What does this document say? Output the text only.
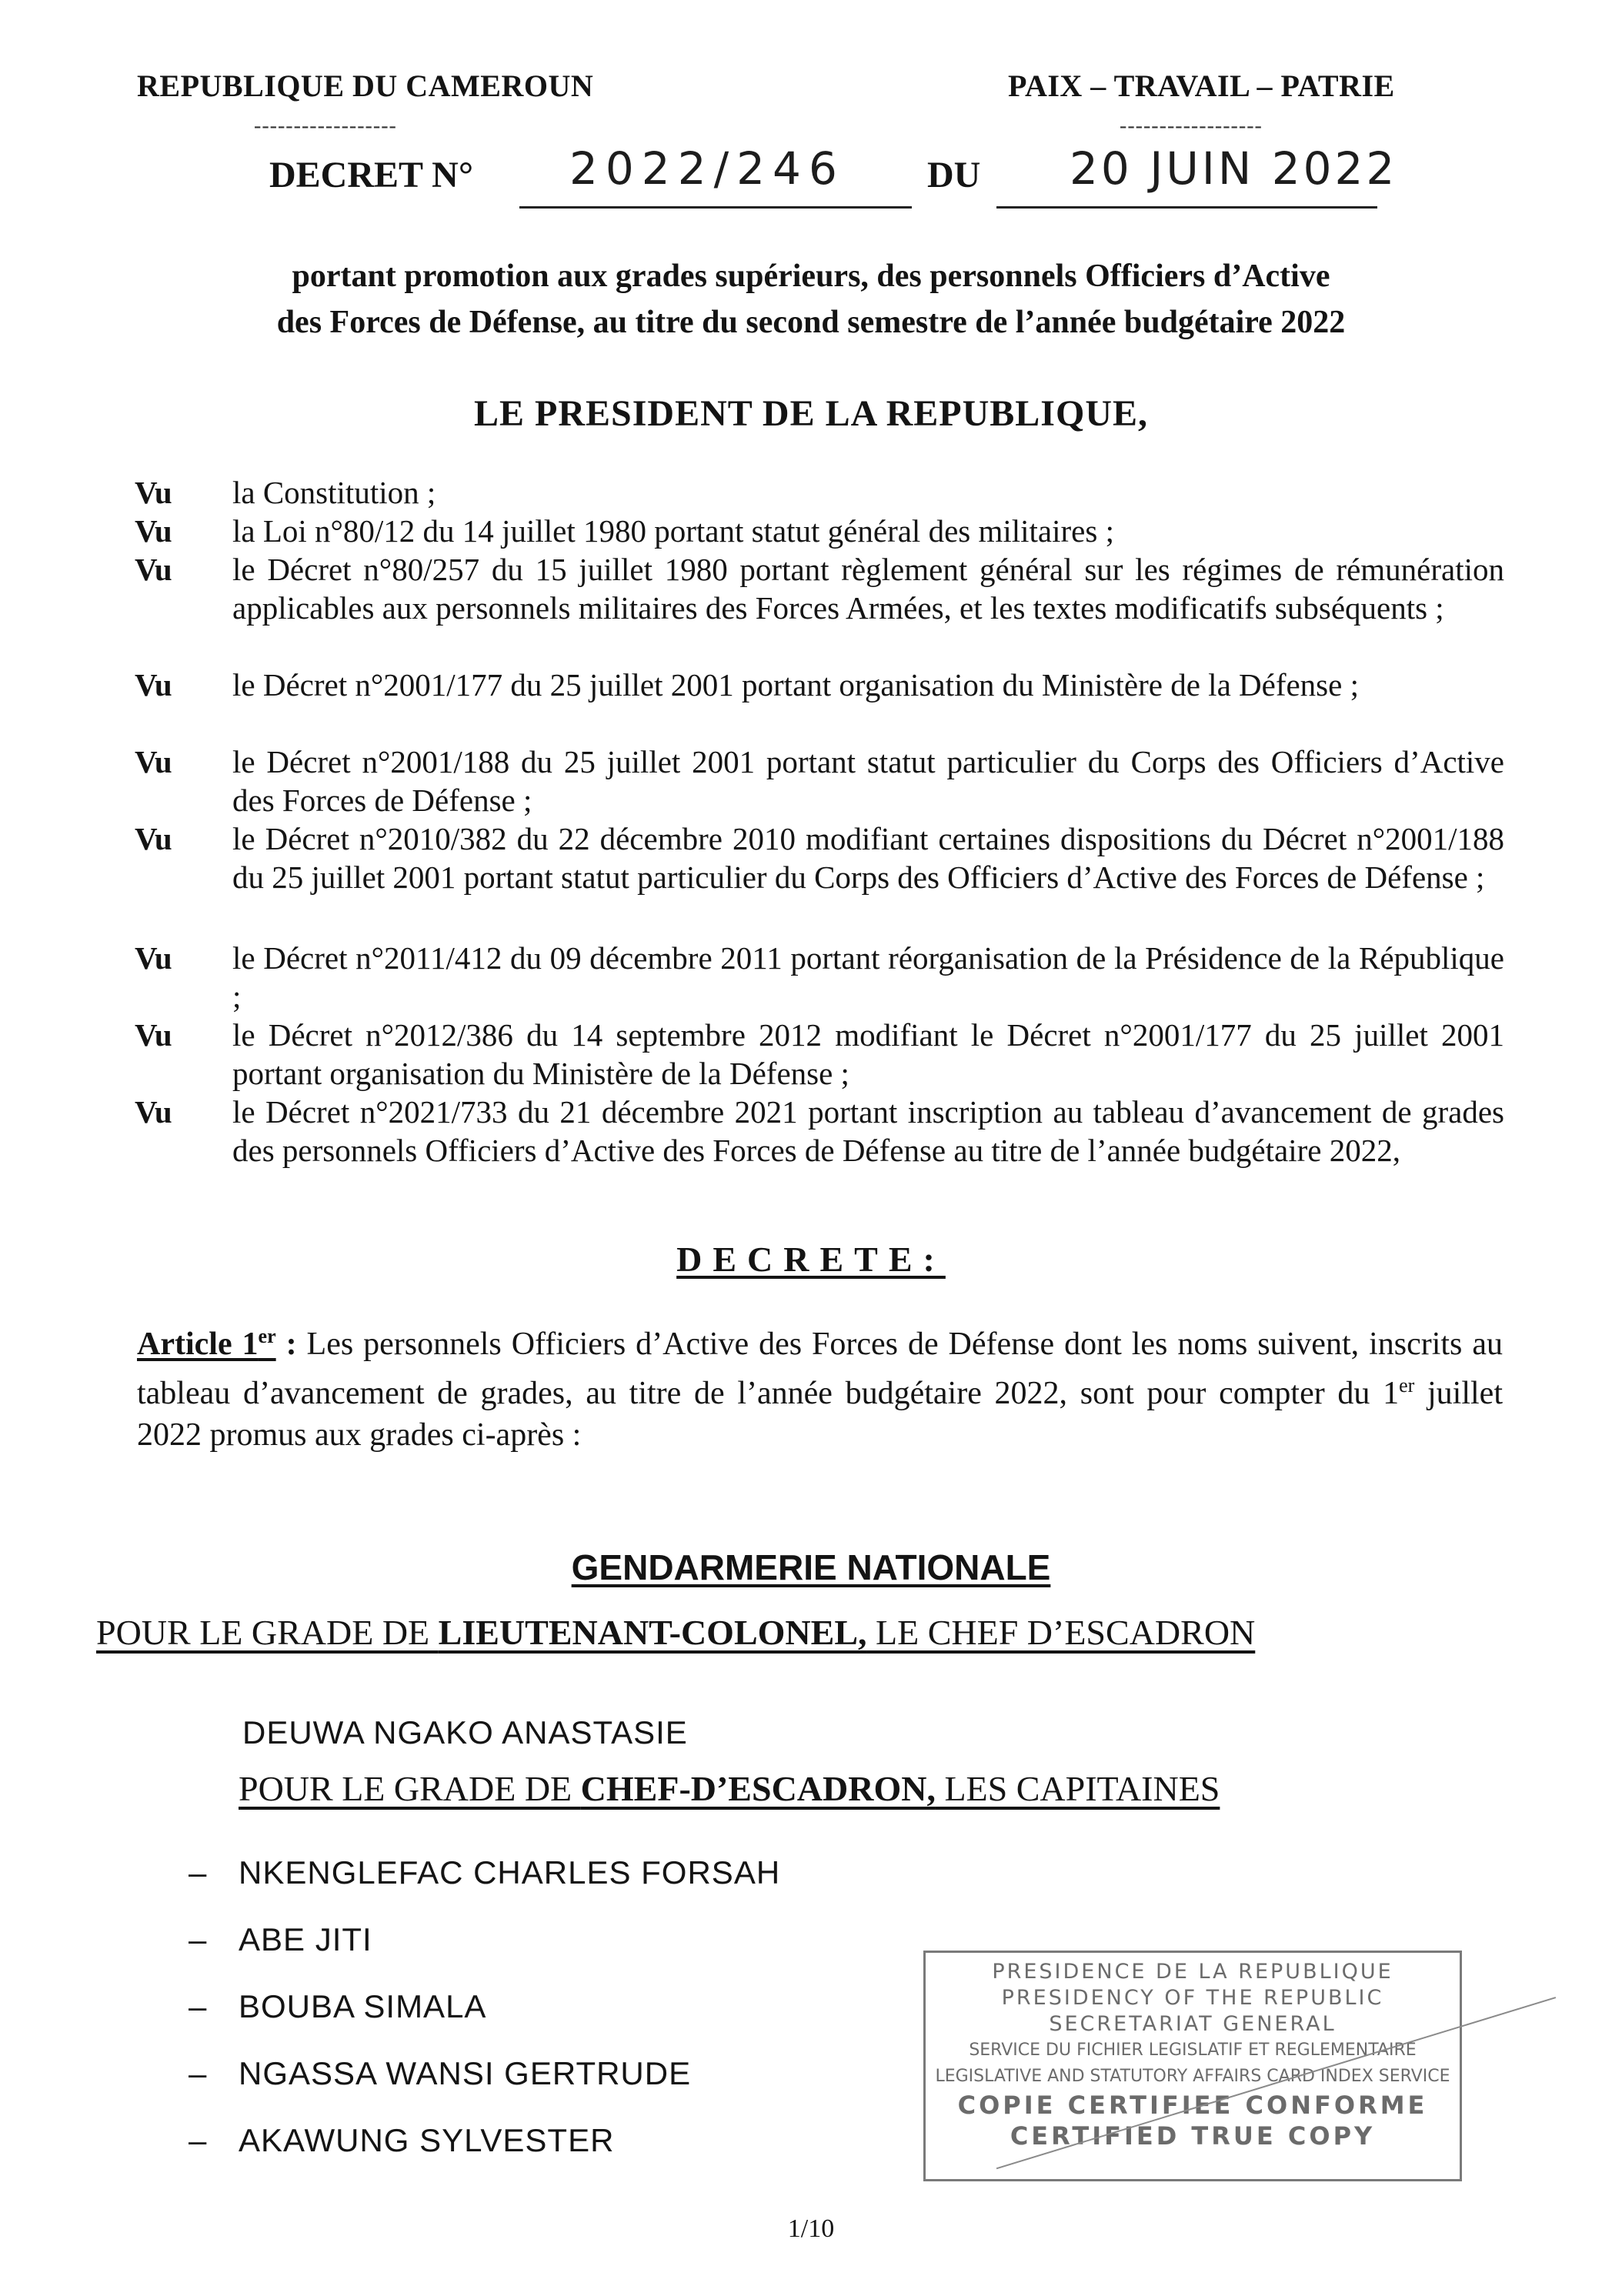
REPUBLIQUE DU CAMEROUN
------------------
PAIX – TRAVAIL – PATRIE
------------------
DECRET N° 2022/246 DU 20 JUIN 2022
portant promotion aux grades supérieurs, des personnels Officiers d’Active
des Forces de Défense, au titre du second semestre de l’année budgétaire 2022
LE PRESIDENT DE LA REPUBLIQUE,
Vu la Constitution ;
Vu la Loi n°80/12 du 14 juillet 1980 portant statut général des militaires ;
Vu le Décret n°80/257 du 15 juillet 1980 portant règlement général sur les régimes de rémunération applicables aux personnels militaires des Forces Armées, et les textes modificatifs subséquents ;
Vu le Décret n°2001/177 du 25 juillet 2001 portant organisation du Ministère de la Défense ;
Vu le Décret n°2001/188 du 25 juillet 2001 portant statut particulier du Corps des Officiers d’Active des Forces de Défense ;
Vu le Décret n°2010/382 du 22 décembre 2010 modifiant certaines dispositions du Décret n°2001/188 du 25 juillet 2001 portant statut particulier du Corps des Officiers d’Active des Forces de Défense ;
Vu le Décret n°2011/412 du 09 décembre 2011 portant réorganisation de la Présidence de la République ;
Vu le Décret n°2012/386 du 14 septembre 2012 modifiant le Décret n°2001/177 du 25 juillet 2001 portant organisation du Ministère de la Défense ;
Vu le Décret n°2021/733 du 21 décembre 2021 portant inscription au tableau d’avancement de grades des personnels Officiers d’Active des Forces de Défense au titre de l’année budgétaire 2022,
DECRETE:
Article 1er : Les personnels Officiers d’Active des Forces de Défense dont les noms suivent, inscrits au tableau d’avancement de grades, au titre de l’année budgétaire 2022, sont pour compter du 1er juillet 2022 promus aux grades ci-après :
GENDARMERIE NATIONALE
POUR LE GRADE DE LIEUTENANT-COLONEL, LE CHEF D’ESCADRON
DEUWA NGAKO ANASTASIE
POUR LE GRADE DE CHEF-D’ESCADRON, LES CAPITAINES
– NKENGLEFAC CHARLES FORSAH
– ABE JITI
– BOUBA SIMALA
– NGASSA WANSI GERTRUDE
– AKAWUNG SYLVESTER
PRESIDENCE DE LA REPUBLIQUE
PRESIDENCY OF THE REPUBLIC
SECRETARIAT GENERAL
SERVICE DU FICHIER LEGISLATIF ET REGLEMENTAIRE
LEGISLATIVE AND STATUTORY AFFAIRS CARD INDEX SERVICE
COPIE CERTIFIEE CONFORME
CERTIFIED TRUE COPY
1/10
